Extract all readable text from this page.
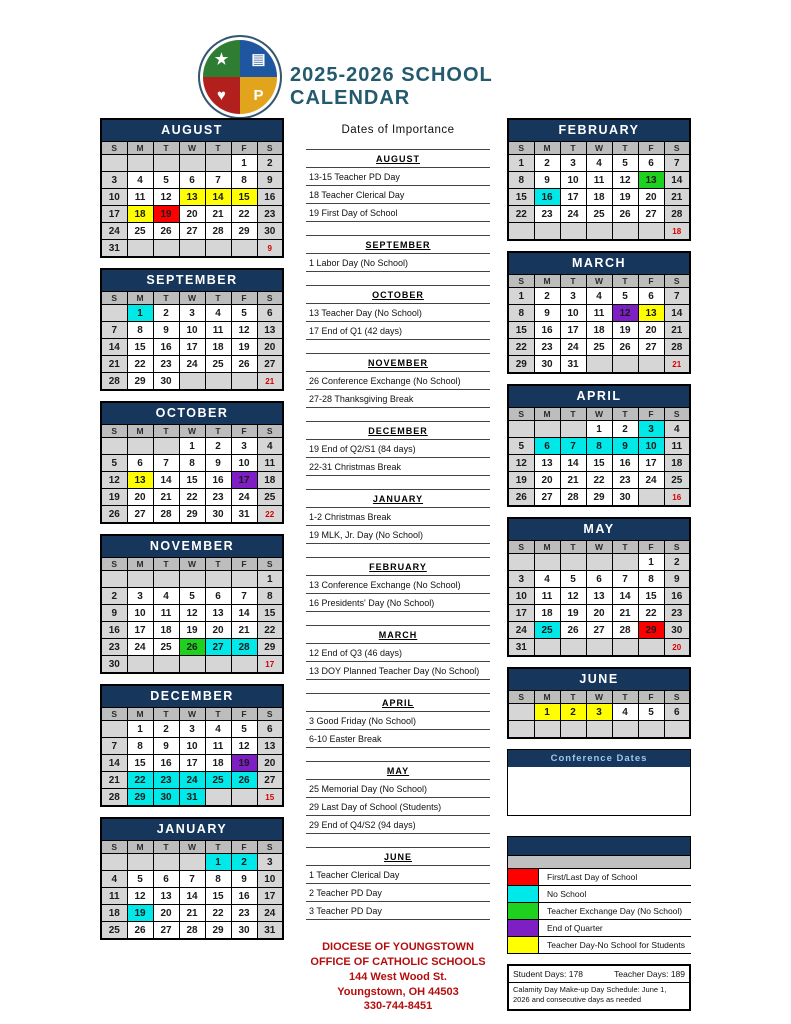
★	▤
♥	P
2025-2026 SCHOOL CALENDAR
AUGUST						
S	M	T	W	T	F	S
					1	2
3	4	5	6	7	8	9
10	11	12	13	14	15	16
17	18	19	20	21	22	23
24	25	26	27	28	29	30
31						9
SEPTEMBER						
S	M	T	W	T	F	S
	1	2	3	4	5	6
7	8	9	10	11	12	13
14	15	16	17	18	19	20
21	22	23	24	25	26	27
28	29	30				21
OCTOBER						
S	M	T	W	T	F	S
			1	2	3	4
5	6	7	8	9	10	11
12	13	14	15	16	17	18
19	20	21	22	23	24	25
26	27	28	29	30	31	22
NOVEMBER						
S	M	T	W	T	F	S
						1
2	3	4	5	6	7	8
9	10	11	12	13	14	15
16	17	18	19	20	21	22
23	24	25	26	27	28	29
30						17
DECEMBER						
S	M	T	W	T	F	S
	1	2	3	4	5	6
7	8	9	10	11	12	13
14	15	16	17	18	19	20
21	22	23	24	25	26	27
28	29	30	31			15
JANUARY						
S	M	T	W	T	F	S
				1	2	3
4	5	6	7	8	9	10
11	12	13	14	15	16	17
18	19	20	21	22	23	24
25	26	27	28	29	30	31
Dates of Importance
AUGUST
13-15 Teacher PD Day
18 Teacher Clerical Day
19 First Day of School
SEPTEMBER
1 Labor Day (No School)
OCTOBER
13 Teacher Day (No School)
17 End of Q1 (42 days)
NOVEMBER
26 Conference Exchange (No School)
27-28 Thanksgiving Break
DECEMBER
19 End of Q2/S1 (84 days)
22-31 Christmas Break
JANUARY
1-2 Christmas Break
19 MLK, Jr. Day (No School)
FEBRUARY
13 Conference Exchange (No School)
16 Presidents' Day (No School)
MARCH
12 End of Q3 (46 days)
13 DOY Planned Teacher Day (No School)
APRIL
3 Good Friday (No School)
6-10 Easter Break
MAY
25 Memorial Day (No School)
29 Last Day of School (Students)
29 End of Q4/S2 (94 days)
JUNE
1 Teacher Clerical Day
2 Teacher PD Day
3 Teacher PD Day
DIOCESE OF YOUNGSTOWN
OFFICE OF CATHOLIC SCHOOLS
144 West Wood St.
Youngstown, OH 44503
330-744-8451
FEBRUARY						
S	M	T	W	T	F	S
1	2	3	4	5	6	7
8	9	10	11	12	13	14
15	16	17	18	19	20	21
22	23	24	25	26	27	28
						18
MARCH						
S	M	T	W	T	F	S
1	2	3	4	5	6	7
8	9	10	11	12	13	14
15	16	17	18	19	20	21
22	23	24	25	26	27	28
29	30	31				21
APRIL						
S	M	T	W	T	F	S
			1	2	3	4
5	6	7	8	9	10	11
12	13	14	15	16	17	18
19	20	21	22	23	24	25
26	27	28	29	30		16
MAY						
S	M	T	W	T	F	S
					1	2
3	4	5	6	7	8	9
10	11	12	13	14	15	16
17	18	19	20	21	22	23
24	25	26	27	28	29	30
31						20
JUNE						
S	M	T	W	T	F	S
	1	2	3	4	5	6

Conference Dates
First/Last Day of School
No School
Teacher Exchange Day (No School)
End of Quarter
Teacher Day-No School for Students
Student Days: 178	Teacher Days: 189
Calamity Day Make-up Day Schedule: June 1, 2026 and consecutive days as needed
